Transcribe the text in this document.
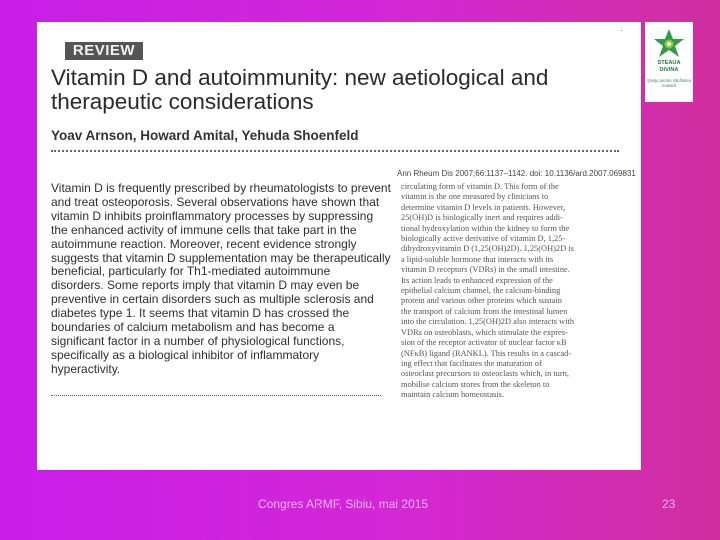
·
REVIEW
Vitamin D and autoimmunity: new aetiological and
therapeutic considerations
Yoav Arnson, Howard Amital, Yehuda Shoenfeld
Ann Rheum Dis 2007;66:1137–1142. doi: 10.1136/ard.2007.069831

Vitamin D is frequently prescribed by rheumatologists to prevent

and treat osteoporosis. Several observations have shown that

vitamin D inhibits proinflammatory processes by suppressing

the enhanced activity of immune cells that take part in the

autoimmune reaction. Moreover, recent evidence strongly

suggests that vitamin D supplementation may be therapeutically

beneficial, particularly for Th1-mediated autoimmune

disorders. Some reports imply that vitamin D may even be

preventive in certain disorders such as multiple sclerosis and

diabetes type 1. It seems that vitamin D has crossed the

boundaries of calcium metabolism and has become a

significant factor in a number of physiological functions,

specifically as a biological inhibitor of inflammatory

hyperactivity.

circulating form of vitamin D. This form of the

vitamin is the one measured by clinicians to

determine vitamin D levels in patients. However,

25(OH)D is biologically inert and requires addi-

tional hydroxylation within the kidney to form the

biologically active derivative of vitamin D, 1,25-

dihydroxyvitamin D (1,25(OH)2D). 1,25(OH)2D is

a lipid-soluble hormone that interacts with its

vitamin D receptors (VDRs) in the small intestine.

Its action leads to enhanced expression of the

epithelial calcium channel, the calcium-binding

protein and various other proteins which sustain

the transport of calcium from the intestinal lumen

into the circulation. 1,25(OH)2D also interacts with

VDRs on osteoblasts, which stimulate the expres-

sion of the receptor activator of nuclear factor κB

(NFκB) ligand (RANKL). This results in a cascad-

ing effect that facilitates the maturation of

osteoclast precursors to osteoclasts which, in turn,

mobilise calcium stores from the skeleton to

maintain calcium homeostasis.

STEAUA
DIVINA
Ştiinţa pentru sănătatea noastră
Congres ARMF, Sibiu, mai 2015	23
